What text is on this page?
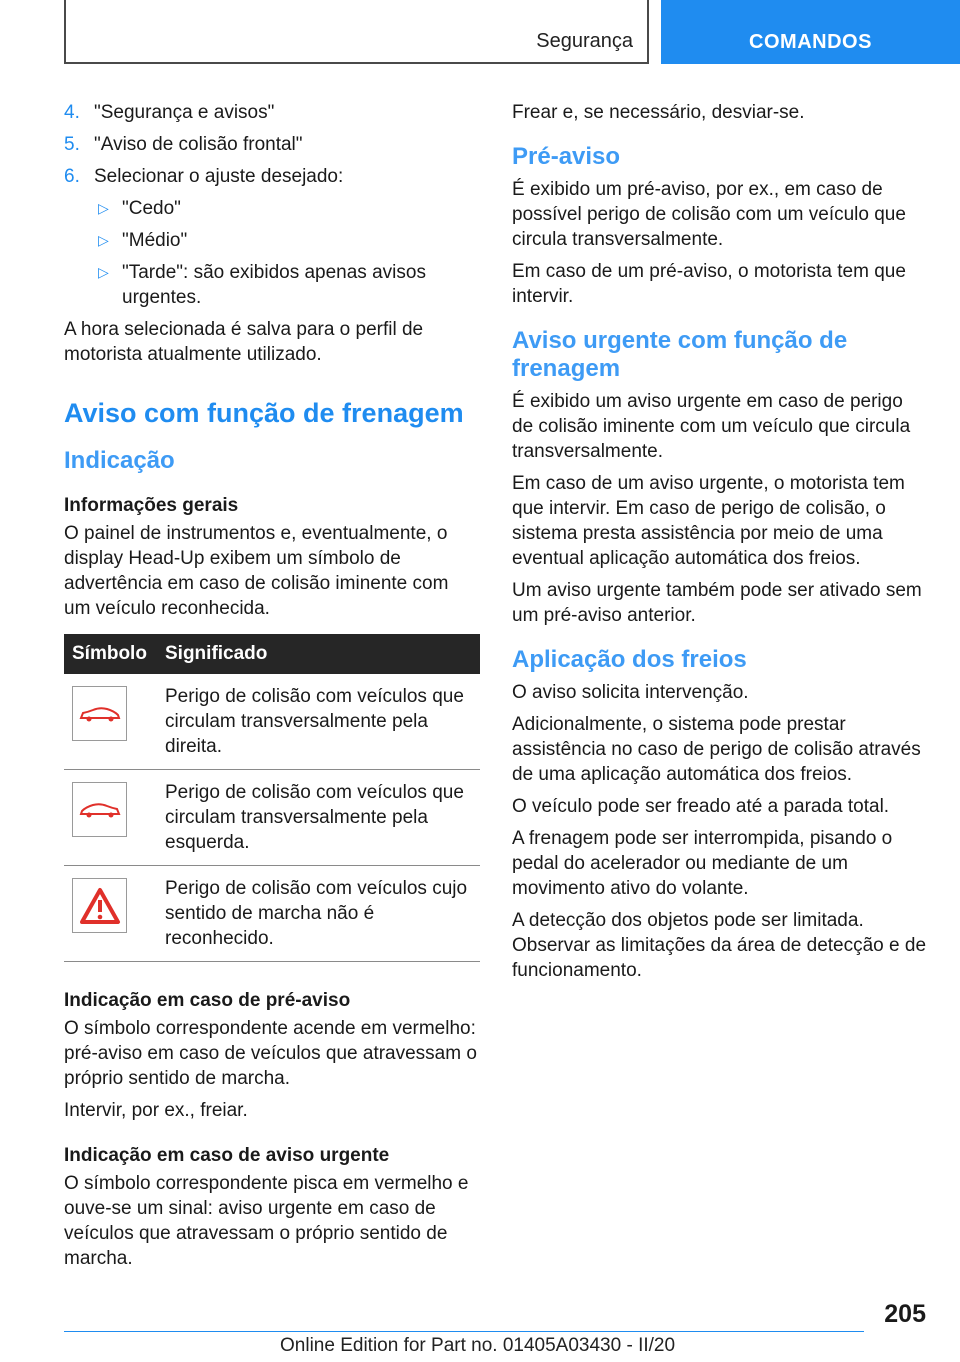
Segurança	COMANDOS
4. "Segurança e avisos"
5. "Aviso de colisão frontal"
6. Selecionar o ajuste desejado:
▷ "Cedo"
▷ "Médio"
▷ "Tarde": são exibidos apenas avisos urgentes.

A hora selecionada é salva para o perfil de motorista atualmente utilizado.

Aviso com função de frenagem
Indicação
Informações gerais

O painel de instrumentos e, eventualmente, o display Head-Up exibem um símbolo de advertência em caso de colisão iminente com um veículo reconhecida.

Símbolo Significado
Perigo de colisão com veículos que circulam transversalmente pela direita.
Perigo de colisão com veículos que circulam transversalmente pela esquerda.
Perigo de colisão com veículos cujo sentido de marcha não é reconhecido.
Indicação em caso de pré-aviso

O símbolo correspondente acende em vermelho: pré-aviso em caso de veículos que atravessam o próprio sentido de marcha.

Intervir, por ex., freiar.

Indicação em caso de aviso urgente

O símbolo correspondente pisca em vermelho e ouve-se um sinal: aviso urgente em caso de veículos que atravessam o próprio sentido de marcha.

Frear e, se necessário, desviar-se.

Pré-aviso

É exibido um pré-aviso, por ex., em caso de possível perigo de colisão com um veículo que circula transversalmente.

Em caso de um pré-aviso, o motorista tem que intervir.

Aviso urgente com função de frenagem

É exibido um aviso urgente em caso de perigo de colisão iminente com um veículo que circula transversalmente.

Em caso de um aviso urgente, o motorista tem que intervir. Em caso de perigo de colisão, o sistema presta assistência por meio de uma eventual aplicação automática dos freios.

Um aviso urgente também pode ser ativado sem um pré-aviso anterior.

Aplicação dos freios

O aviso solicita intervenção.

Adicionalmente, o sistema pode prestar assistência no caso de perigo de colisão através de uma aplicação automática dos freios.

O veículo pode ser freado até a parada total.

A frenagem pode ser interrompida, pisando o pedal do acelerador ou mediante de um movimento ativo do volante.

A detecção dos objetos pode ser limitada. Observar as limitações da área de detecção e de funcionamento.

205
Online Edition for Part no. 01405A03430 - II/20
